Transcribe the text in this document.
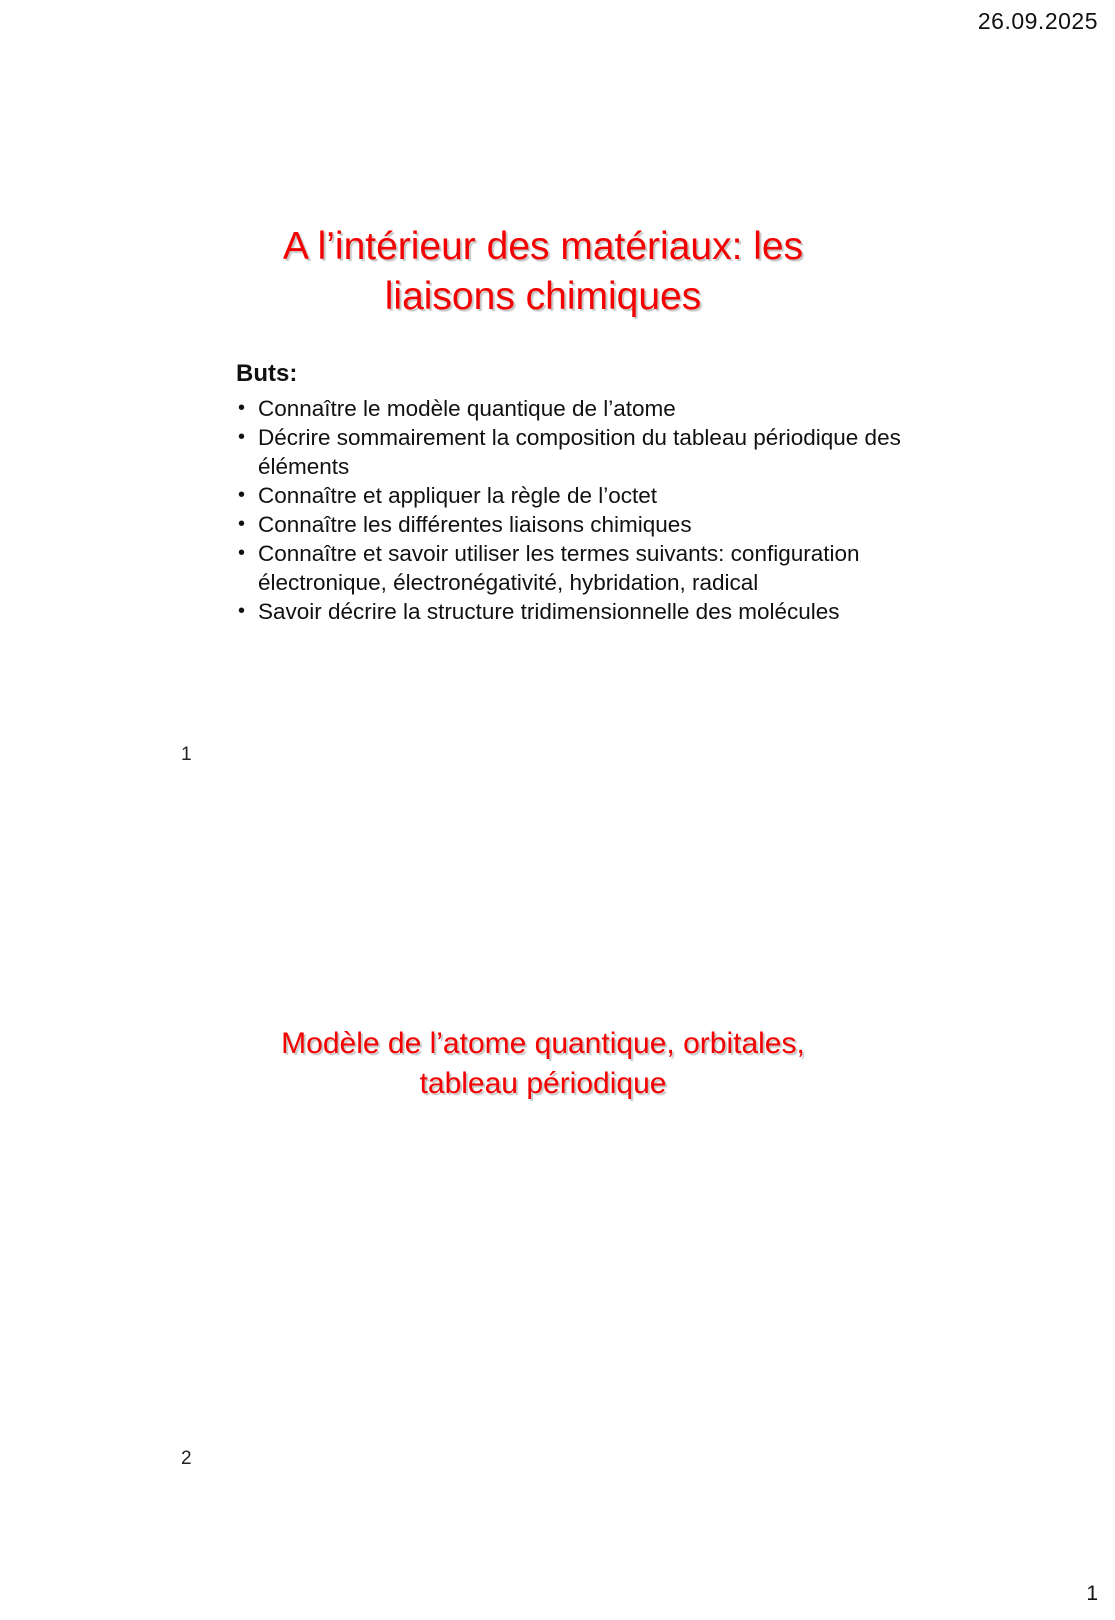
26.09.2025
A l’intérieur des matériaux: les
liaisons chimiques
Buts:
• Connaître le modèle quantique de l’atome
• Décrire sommairement la composition du tableau périodique des éléments
• Connaître et appliquer la règle de l’octet
• Connaître les différentes liaisons chimiques
• Connaître et savoir utiliser les termes suivants: configuration électronique, électronégativité, hybridation, radical
• Savoir décrire la structure tridimensionnelle des molécules
1
Modèle de l’atome quantique, orbitales,
tableau périodique
2
1
